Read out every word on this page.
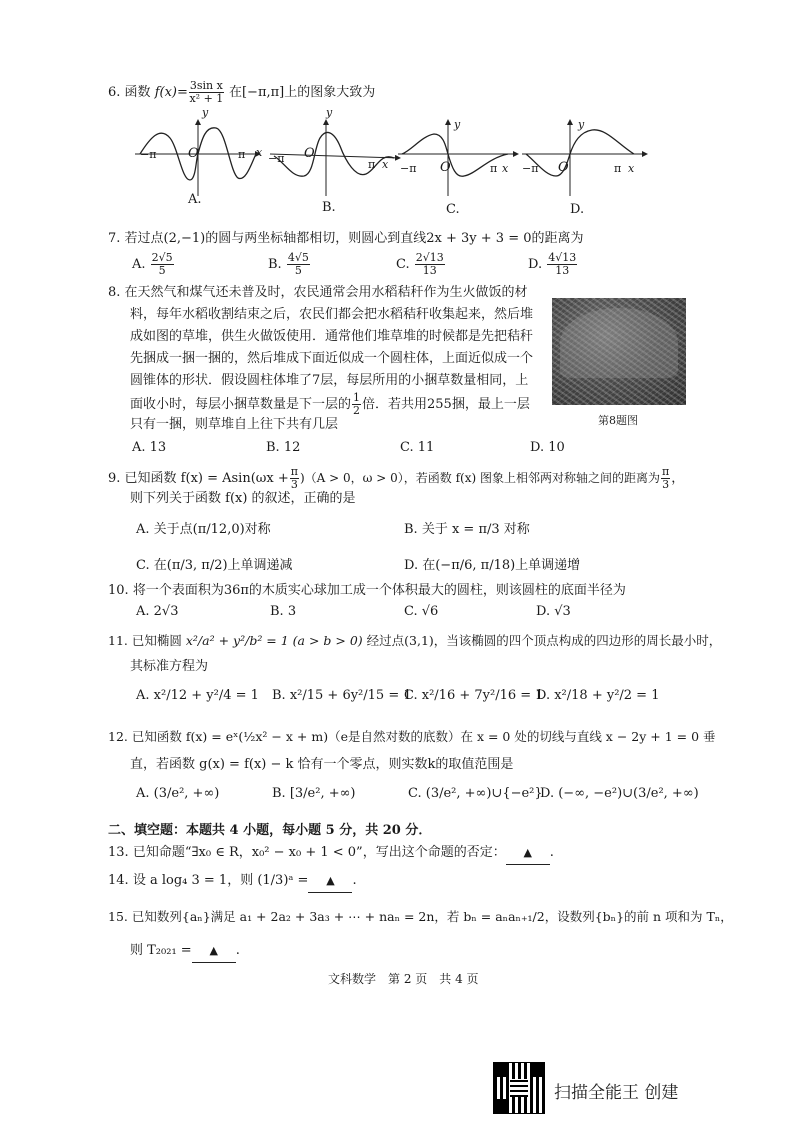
6. 函数 $f(x)= \frac{\text{3sin x}}{\text{x² + 1}}$ 在[−π,π]上的图象大致为
−π O	π x
y
A.
−π O
π x
y
B.
−π O	π x
y
C.
−π O	π x
y
D.
7. 若过点(2,−1)的圆与两坐标轴都相切，则圆心到直线2x + 3y + 3 = 0的距离为
A. $\frac{2√5}{5}$	B. $\frac{4√5}{5}$	C. $\frac{2√13}{13}$	D. $\frac{4√13}{13}$
8. 在天然气和煤气还未普及时，农民通常会用水稻秸秆作为生火做饭的材
料，每年水稻收割结束之后，农民们都会把水稻秸秆收集起来，然后堆
成如图的草堆，供生火做饭使用．通常他们堆草堆的时候都是先把秸秆
先捆成一捆一捆的，然后堆成下面近似成一个圆柱体，上面近似成一个
圆锥体的形状．假设圆柱体堆了7层，每层所用的小捆草数量相同，上
面收小时，每层小捆草数量是下一层的 $\frac{1}{2}$ 倍．若共用255捆，最上一层
只有一捆，则草堆自上往下共有几层	第8题图
A. 13	B. 12	C. 11	D. 10
9. 已知函数 $f(x) = Asin(\omega x + \frac{\pi}{3} )(A > 0$，ω > 0），若函数 f(x) 图象上相邻两对称轴之间的距离为 $\frac{\pi}{3}$ ，
则下列关于函数 f(x) 的叙述，正确的是
A. 关于点(π/12,0)对称	B. 关于 x = π/3 对称
C. 在(π/3, π/2)上单调递减	D. 在(−π/6, π/18)上单调递增
10. 将一个表面积为36π的木质实心球加工成一个体积最大的圆柱，则该圆柱的底面半径为
A. 2√3	B. 3	C. √6	D. √3
11. 已知椭圆 x²/a² + y²/b² = 1 (a > b > 0) 经过点(3,1)，当该椭圆的四个顶点构成的四边形的周长最小时，
其标准方程为
A. x²/12 + y²/4 = 1 B. x²/15 + 6y²/15 = 1
C. x²/16 + 7y²/16 = 1
D. x²/18 + y²/2 = 1
12. 已知函数 f(x) = eˣ(½x² − x + m)（e是自然对数的底数）在 x = 0 处的切线与直线 x − 2y + 1 = 0 垂
直，若函数 g(x) = f(x) − k 恰有一个零点，则实数k的取值范围是
A. (3/e², +∞)	B. [3/e², +∞)	C. (3/e², +∞)∪{−e²}
D. (−∞, −e²)∪(3/e², +∞)
二、填空题：本题共 4 小题，每小题 5 分，共 20 分．
13. 已知命题“∃x₀ ∈ R，x₀² − x₀ + 1 < 0”，写出这个命题的否定： ▲ .
14. 设 a log₄ 3 = 1，则 (1/3)ᵃ = ▲ .
15. 已知数列{aₙ}满足 a₁ + 2a₂ + 3a₃ + ⋯ + naₙ = 2n，若 bₙ = aₙaₙ₊₁/2，设数列{bₙ}的前 n 项和为 Tₙ，
则 T₂₀₂₁ = ▲ .
文科数学　第 2 页　共 4 页
扫描全能王 创建
